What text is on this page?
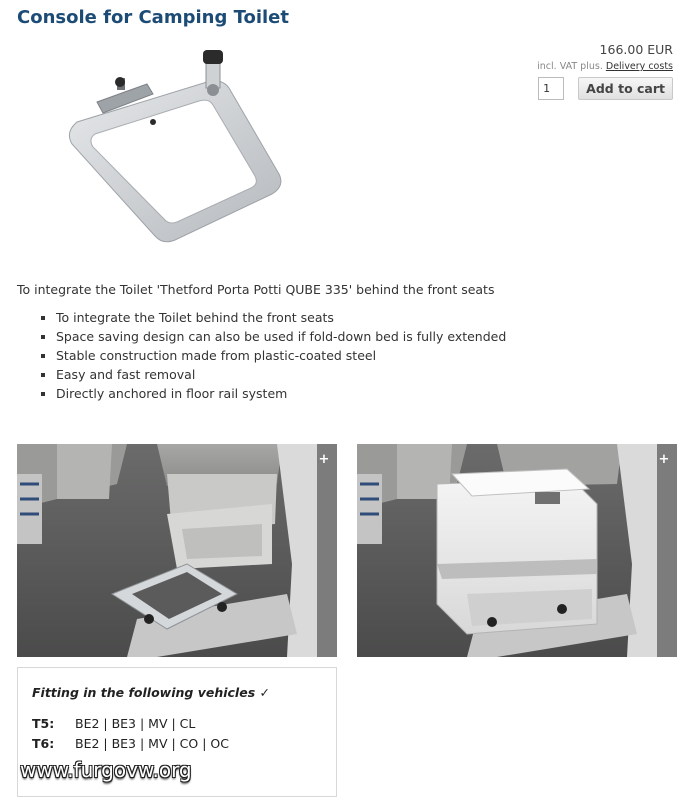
Console for Camping Toilet
166.00 EUR
incl. VAT plus. Delivery costs
1
Add to cart

To integrate the Toilet 'Thetford Porta Potti QUBE 335' behind the front seats

To integrate the Toilet behind the front seats
Space saving design can also be used if fold-down bed is fully extended
Stable construction made from plastic-coated steel
Easy and fast removal
Directly anchored in floor rail system
+	+
Fitting in the following vehicles ✓
T5:	BE2 | BE3 | MV | CL
T6:	BE2 | BE3 | MV | CO | OC
www.furgovw.org
